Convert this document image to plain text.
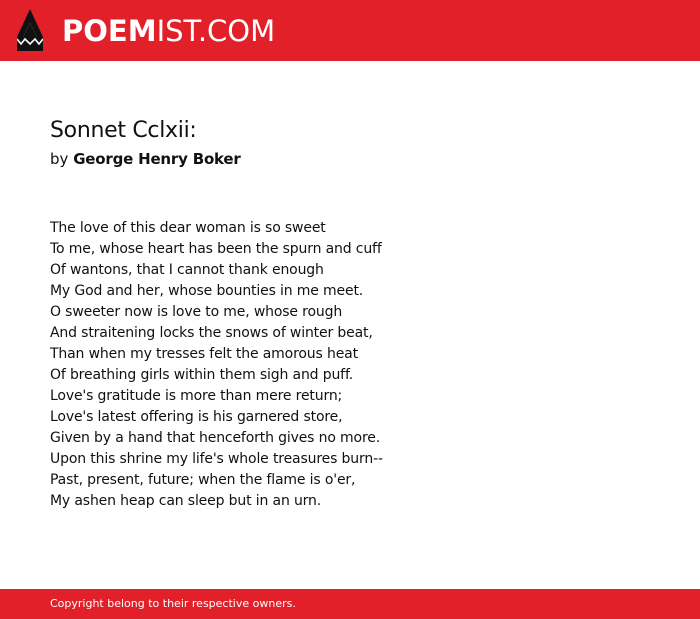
POEMIST.COM
Sonnet Cclxii:
by George Henry Boker
The love of this dear woman is so sweet
To me, whose heart has been the spurn and cuff
Of wantons, that I cannot thank enough
My God and her, whose bounties in me meet.
O sweeter now is love to me, whose rough
And straitening locks the snows of winter beat,
Than when my tresses felt the amorous heat
Of breathing girls within them sigh and puff.
Love's gratitude is more than mere return;
Love's latest offering is his garnered store,
Given by a hand that henceforth gives no more.
Upon this shrine my life's whole treasures burn--
Past, present, future; when the flame is o'er,
My ashen heap can sleep but in an urn.
Copyright belong to their respective owners.
